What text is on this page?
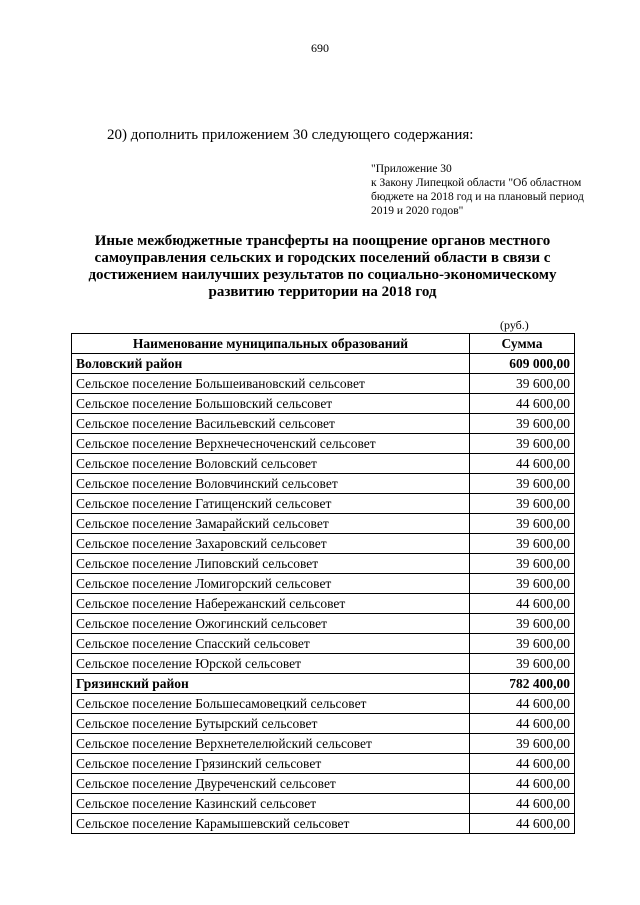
690
20) дополнить приложением 30 следующего содержания:
"Приложение 30
к Закону Липецкой области "Об областном
бюджете на 2018 год и на плановый период
2019 и 2020 годов"
Иные межбюджетные трансферты на поощрение органов местного самоуправления сельских и городских поселений области в связи с достижением наилучших результатов по социально-экономическому развитию территории на 2018 год
(руб.)
Наименование муниципальных образований	Сумма
Воловский район	609 000,00
Сельское поселение Большеивановский сельсовет	39 600,00
Сельское поселение Большовский сельсовет	44 600,00
Сельское поселение Васильевский сельсовет	39 600,00
Сельское поселение Верхнечесноченский сельсовет	39 600,00
Сельское поселение Воловский сельсовет	44 600,00
Сельское поселение Воловчинский сельсовет	39 600,00
Сельское поселение Гатищенский сельсовет	39 600,00
Сельское поселение Замарайский сельсовет	39 600,00
Сельское поселение Захаровский сельсовет	39 600,00
Сельское поселение Липовский сельсовет	39 600,00
Сельское поселение Ломигорский сельсовет	39 600,00
Сельское поселение Набережанский сельсовет	44 600,00
Сельское поселение Ожогинский сельсовет	39 600,00
Сельское поселение Спасский сельсовет	39 600,00
Сельское поселение Юрской сельсовет	39 600,00
Грязинский район	782 400,00
Сельское поселение Большесамовецкий сельсовет	44 600,00
Сельское поселение Бутырский сельсовет	44 600,00
Сельское поселение Верхнетелелюйский сельсовет	39 600,00
Сельское поселение Грязинский сельсовет	44 600,00
Сельское поселение Двуреченский сельсовет	44 600,00
Сельское поселение Казинский сельсовет	44 600,00
Сельское поселение Карамышевский сельсовет	44 600,00
